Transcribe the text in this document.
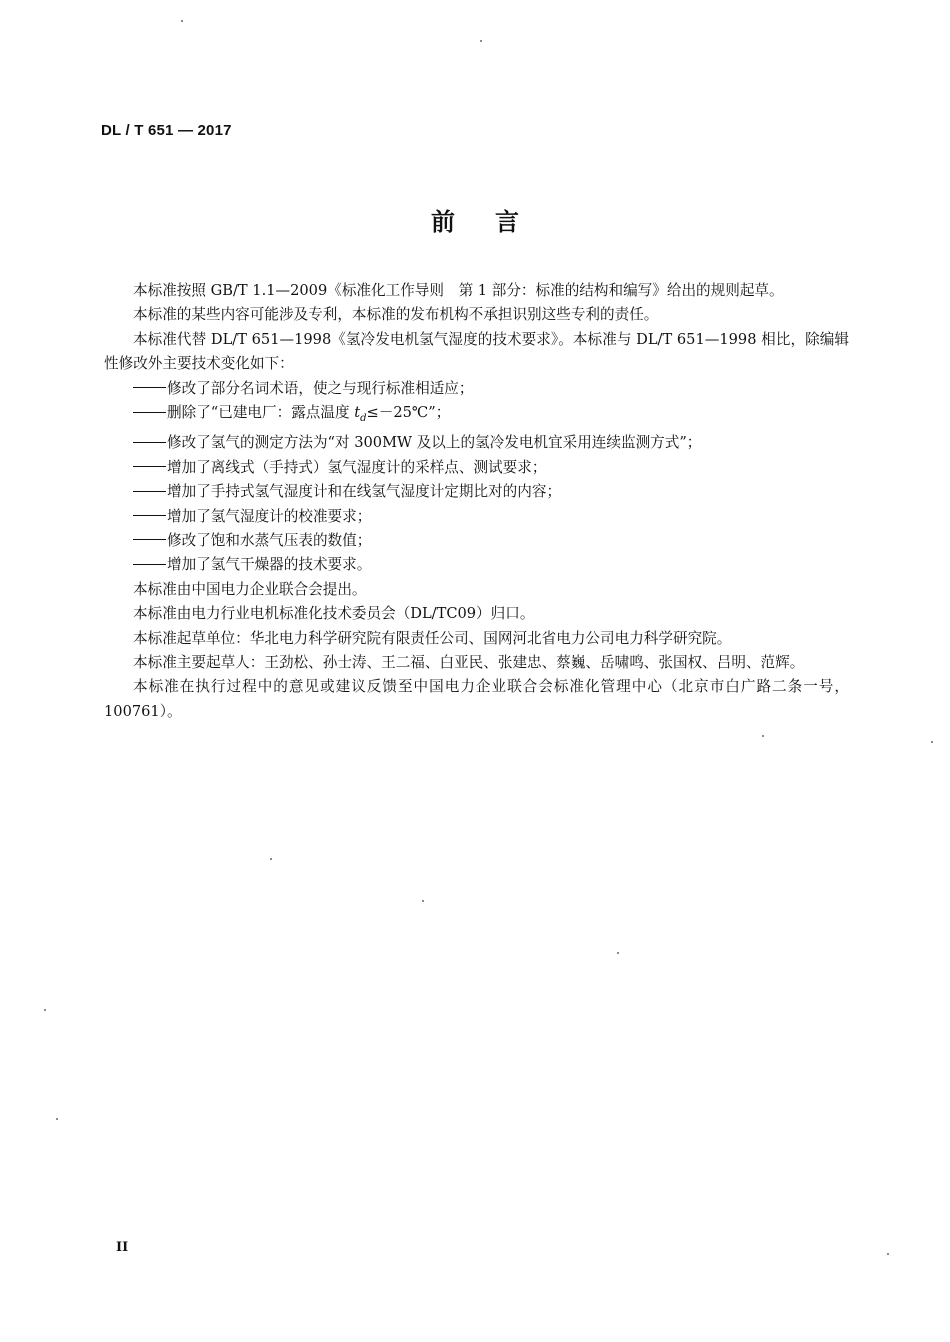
DL / T 651 — 2017
前言

本标准按照 GB/T 1.1—2009《标准化工作导则　第 1 部分：标准的结构和编写》给出的规则起草。

本标准的某些内容可能涉及专利，本标准的发布机构不承担识别这些专利的责任。

本标准代替 DL/T 651—1998《氢冷发电机氢气湿度的技术要求》。本标准与 DL/T 651—1998 相比，除编辑性修改外主要技术变化如下：

修改了部分名词术语，使之与现行标准相适应；

删除了“已建电厂：露点温度 $t_d\le-25℃$”；

修改了氢气的测定方法为“对 300MW 及以上的氢冷发电机宜采用连续监测方式”；

增加了离线式（手持式）氢气湿度计的采样点、测试要求；

增加了手持式氢气湿度计和在线氢气湿度计定期比对的内容；

增加了氢气湿度计的校准要求；

修改了饱和水蒸气压表的数值；

增加了氢气干燥器的技术要求。

本标准由中国电力企业联合会提出。

本标准由电力行业电机标准化技术委员会（DL/TC09）归口。

本标准起草单位：华北电力科学研究院有限责任公司、国网河北省电力公司电力科学研究院。

本标准主要起草人：王劲松、孙士涛、王二福、白亚民、张建忠、蔡巍、岳啸鸣、张国权、吕明、范辉。

本标准在执行过程中的意见或建议反馈至中国电力企业联合会标准化管理中心（北京市白广路二条一号，100761）。

II
